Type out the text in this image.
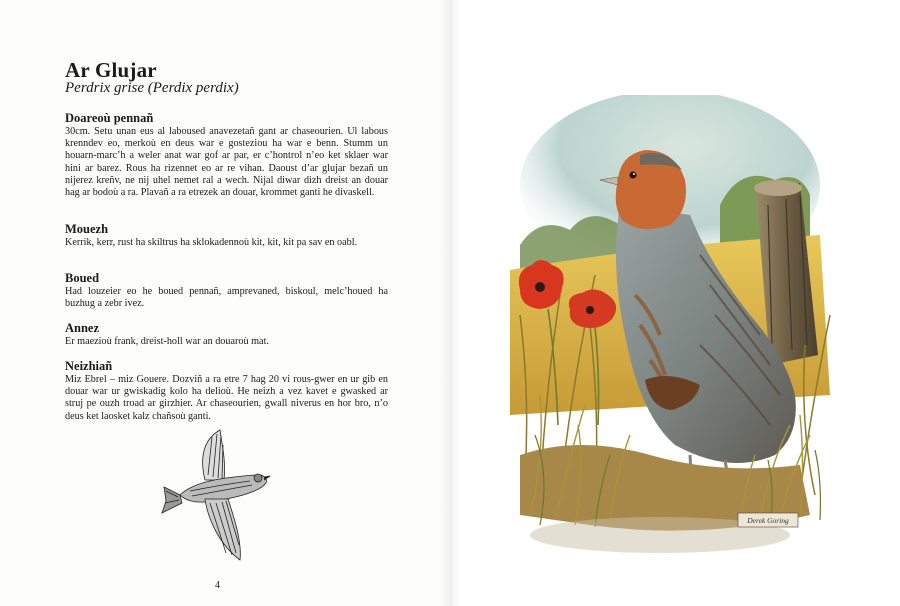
Ar Glujar
Perdrix grise (Perdix perdix)
Doareoù pennañ

30cm. Setu unan eus al laboused anavezetañ gant ar chaseourien. Ul labous krenndev eo, merkoù en deus war e gosteziou ha war e benn. Stumm un houarn-marc’h a weler anat war gof ar par, er c’hontrol n’eo ket sklaer war hini ar barez. Rous ha rizennet eo ar re vihan. Daoust d’ar glujar bezañ un nijerez kreñv, ne nij uhel nemet ral a wech. Nijal diwar dizh dreist an douar hag ar bodoù a ra. Plavañ a ra etrezek an douar, krommet ganti he divaskell.

Mouezh

Kerrik, kerr, rust ha skiltrus ha sklokadennoù kit, kit, kit pa sav en oabl.

Boued

Had louzeier eo he boued pennañ, amprevaned, biskoul, melc’houed ha buzhug a zebr ivez.

Annez

Er maezioù frank, dreist-holl war an douaroù mat.

Neizhiañ

Miz Ebrel – miz Gouere. Dozviñ a ra etre 7 hag 20 vi rous-gwer en ur gib en douar war ur gwiskadig kolo ha delioù. He neizh a vez kavet e gwasked ar struj pe ouzh troad ar girzhier. Ar chaseourien, gwall niverus en hor bro, n’o deus ket laosket kalz chañsoù ganti.

4
Derek Goring
